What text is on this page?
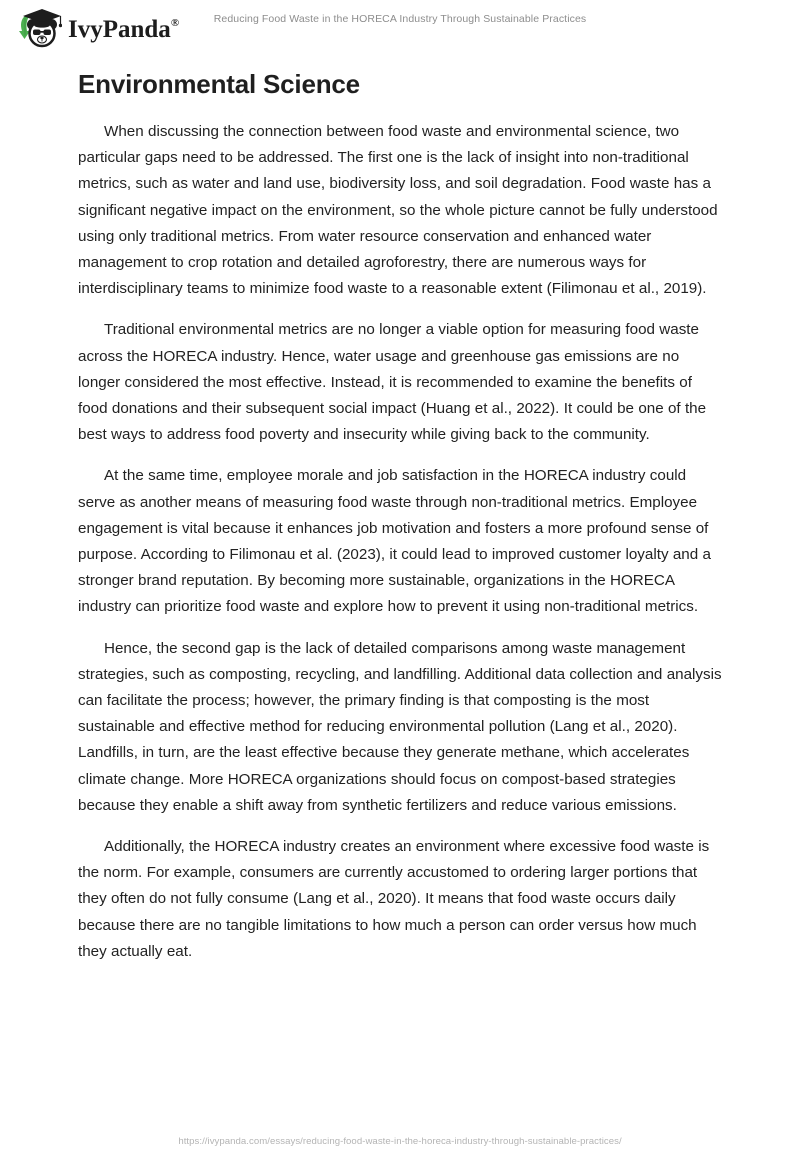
IvyPanda®	Reducing Food Waste in the HORECA Industry Through Sustainable Practices
Environmental Science

When discussing the connection between food waste and environmental science, two particular gaps need to be addressed. The first one is the lack of insight into non-traditional metrics, such as water and land use, biodiversity loss, and soil degradation. Food waste has a significant negative impact on the environment, so the whole picture cannot be fully understood using only traditional metrics. From water resource conservation and enhanced water management to crop rotation and detailed agroforestry, there are numerous ways for interdisciplinary teams to minimize food waste to a reasonable extent (Filimonau et al., 2019).

Traditional environmental metrics are no longer a viable option for measuring food waste across the HORECA industry. Hence, water usage and greenhouse gas emissions are no longer considered the most effective. Instead, it is recommended to examine the benefits of food donations and their subsequent social impact (Huang et al., 2022). It could be one of the best ways to address food poverty and insecurity while giving back to the community.

At the same time, employee morale and job satisfaction in the HORECA industry could serve as another means of measuring food waste through non-traditional metrics. Employee engagement is vital because it enhances job motivation and fosters a more profound sense of purpose. According to Filimonau et al. (2023), it could lead to improved customer loyalty and a stronger brand reputation. By becoming more sustainable, organizations in the HORECA industry can prioritize food waste and explore how to prevent it using non-traditional metrics.

Hence, the second gap is the lack of detailed comparisons among waste management strategies, such as composting, recycling, and landfilling. Additional data collection and analysis can facilitate the process; however, the primary finding is that composting is the most sustainable and effective method for reducing environmental pollution (Lang et al., 2020). Landfills, in turn, are the least effective because they generate methane, which accelerates climate change. More HORECA organizations should focus on compost-based strategies because they enable a shift away from synthetic fertilizers and reduce various emissions.

Additionally, the HORECA industry creates an environment where excessive food waste is the norm. For example, consumers are currently accustomed to ordering larger portions that they often do not fully consume (Lang et al., 2020). It means that food waste occurs daily because there are no tangible limitations to how much a person can order versus how much they actually eat.

https://ivypanda.com/essays/reducing-food-waste-in-the-horeca-industry-through-sustainable-practices/
